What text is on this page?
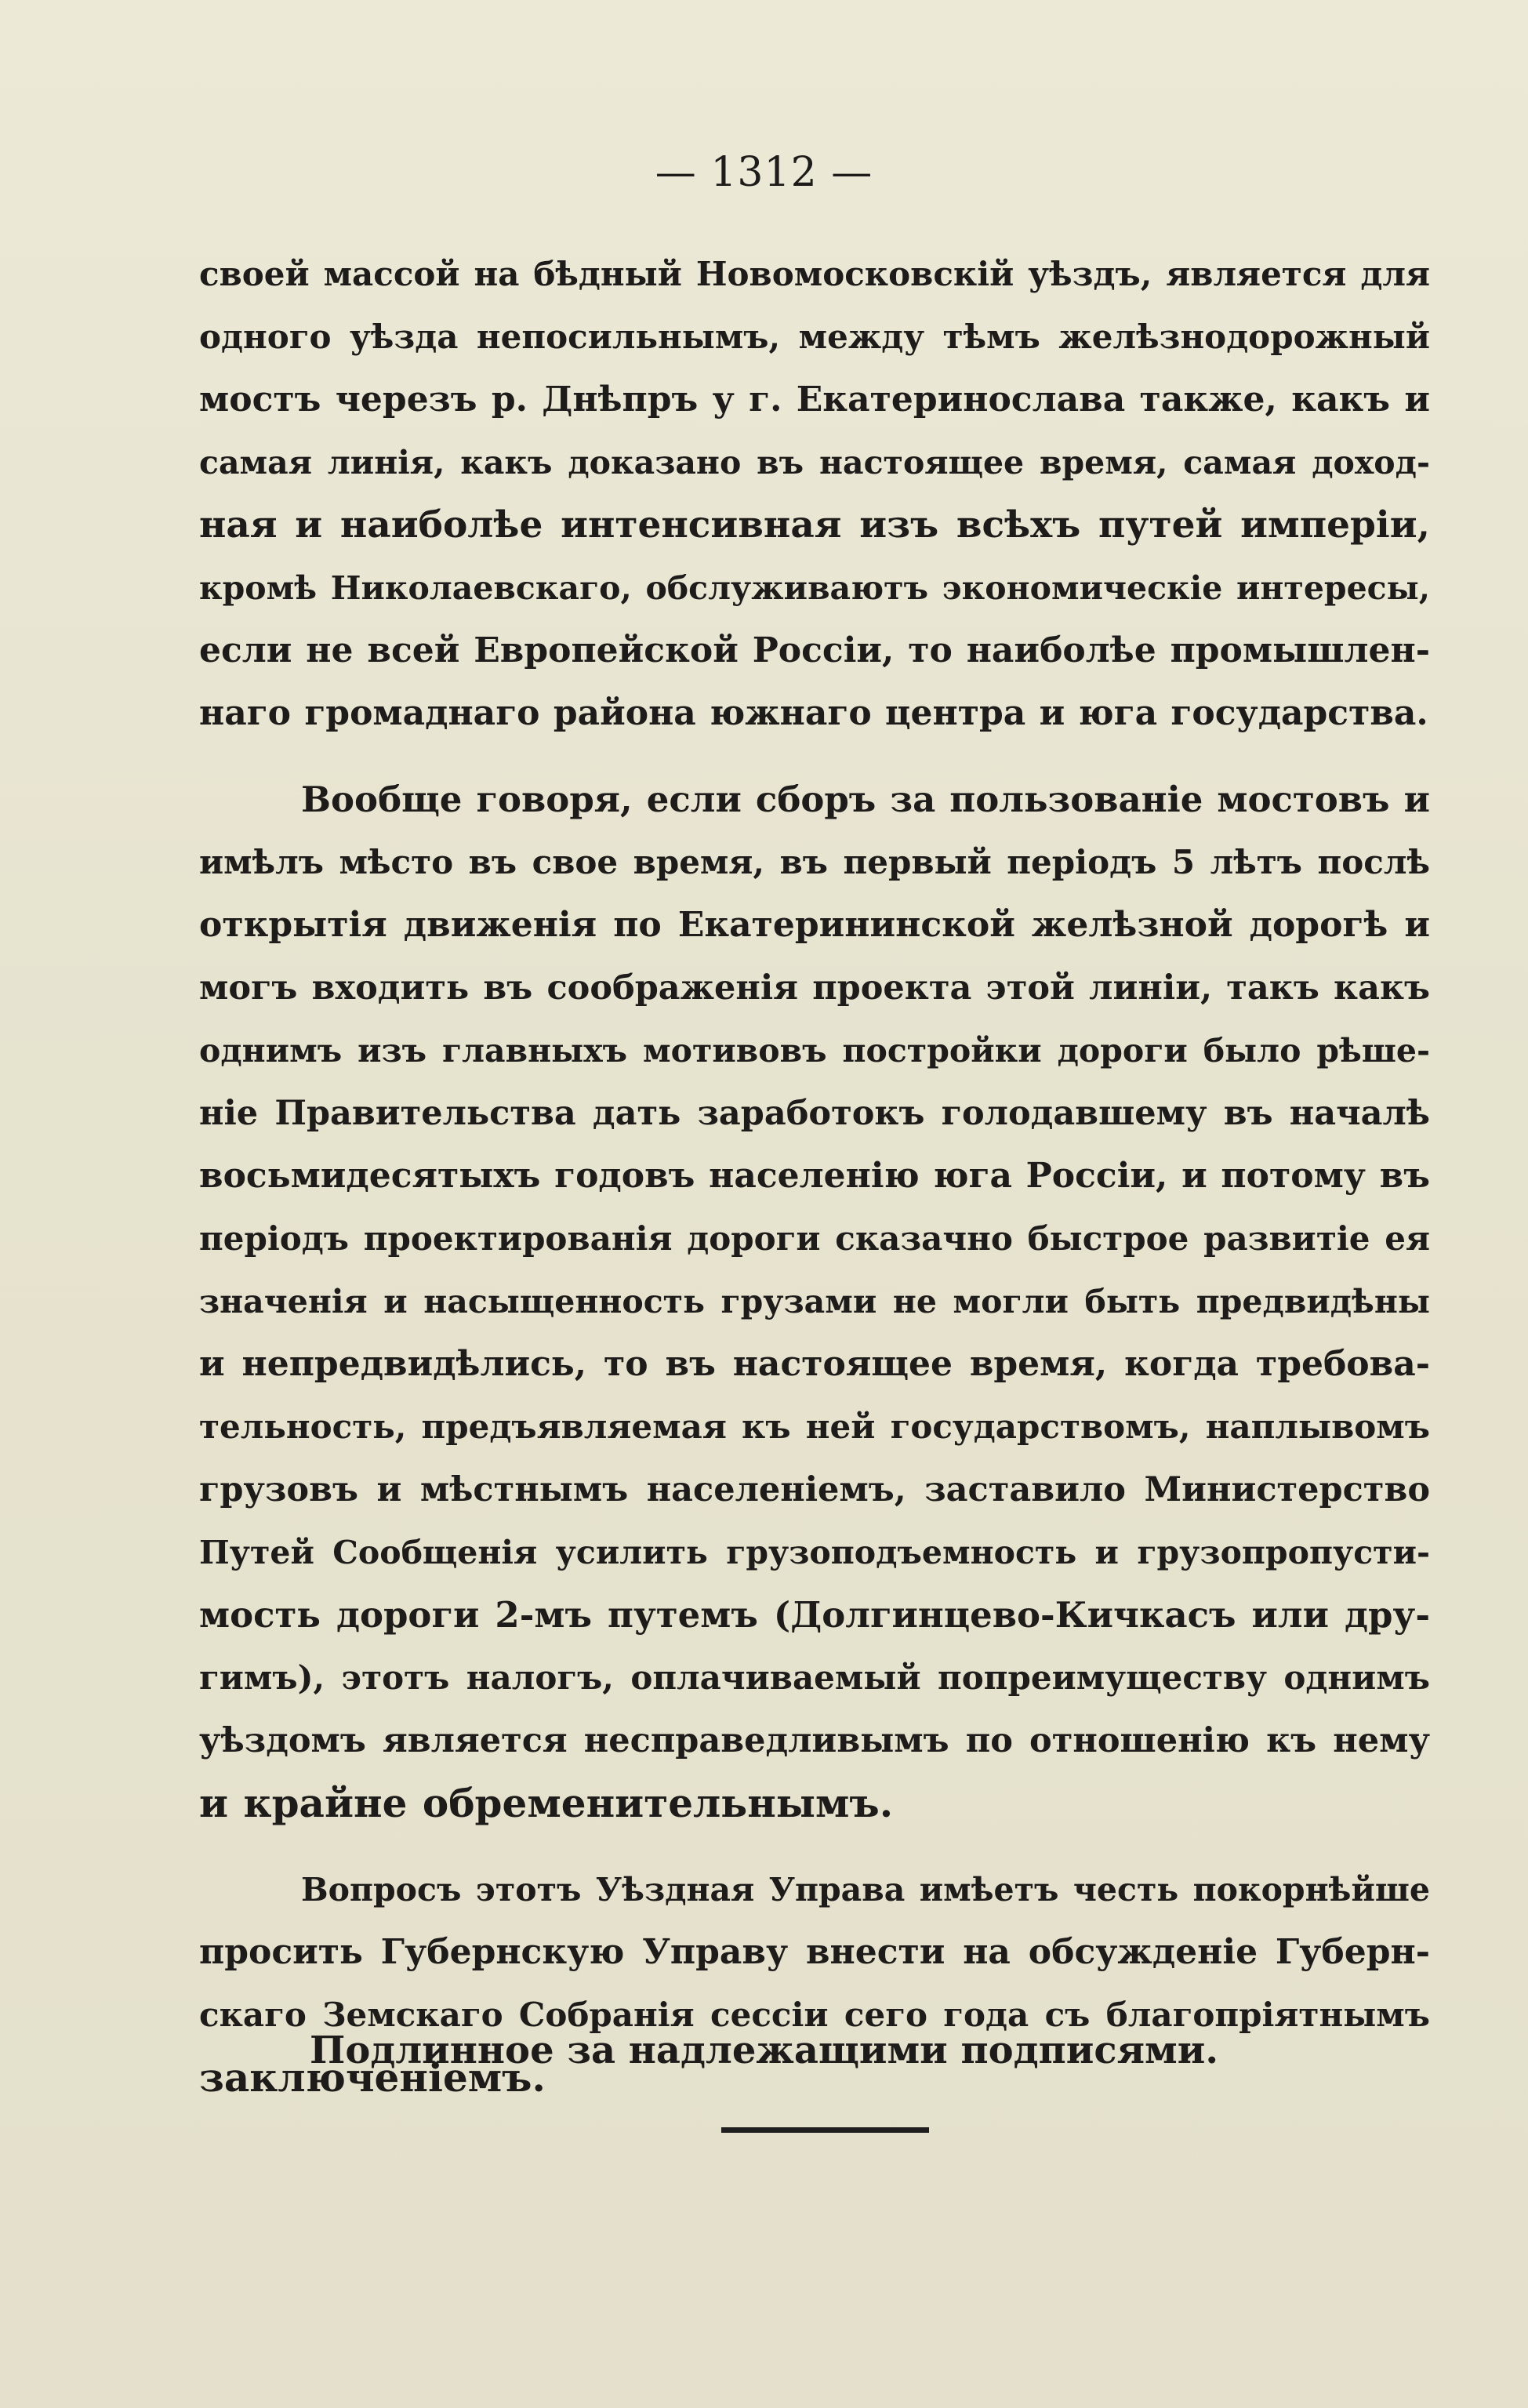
— 1312 —
своей массой на бѣдный Новомосковскій уѣздъ, является для
одного уѣзда непосильнымъ, между тѣмъ желѣзнодорожный
мостъ черезъ р. Днѣпръ у г. Екатеринослава также, какъ и
самая линія, какъ доказано въ настоящее время, самая доход-
ная и наиболѣе интенсивная изъ всѣхъ путей имперіи,
кромѣ Николаевскаго, обслуживаютъ экономическіе интересы,
если не всей Европейской Россіи, то наиболѣе промышлен-
наго громаднаго района южнаго центра и юга государства.
Вообще говоря, если сборъ за пользованіе мостовъ и
имѣлъ мѣсто въ свое время, въ первый періодъ 5 лѣтъ послѣ
открытія движенія по Екатерининской желѣзной дорогѣ и
могъ входить въ соображенія проекта этой линіи, такъ какъ
однимъ изъ главныхъ мотивовъ постройки дороги было рѣше-
ніе Правительства дать заработокъ голодавшему въ началѣ
восьмидесятыхъ годовъ населенію юга Россіи, и потому въ
періодъ проектированія дороги сказачно быстрое развитіе ея
значенія и насыщенность грузами не могли быть предвидѣны
и непредвидѣлись, то въ настоящее время, когда требова-
тельность, предъявляемая къ ней государствомъ, наплывомъ
грузовъ и мѣстнымъ населеніемъ, заставило Министерство
Путей Сообщенія усилить грузоподъемность и грузопропусти-
мость дороги 2-мъ путемъ (Долгинцево-Кичкасъ или дру-
гимъ), этотъ налогъ, оплачиваемый попреимуществу однимъ
уѣздомъ является несправедливымъ по отношенію къ нему
и крайне обременительнымъ.
Вопросъ этотъ Уѣздная Управа имѣетъ честь покорнѣйше
просить Губернскую Управу внести на обсужденіе Губерн-
скаго Земскаго Собранія сессіи сего года съ благопріятнымъ
заключеніемъ.
Подлинное за надлежащими подписями.
